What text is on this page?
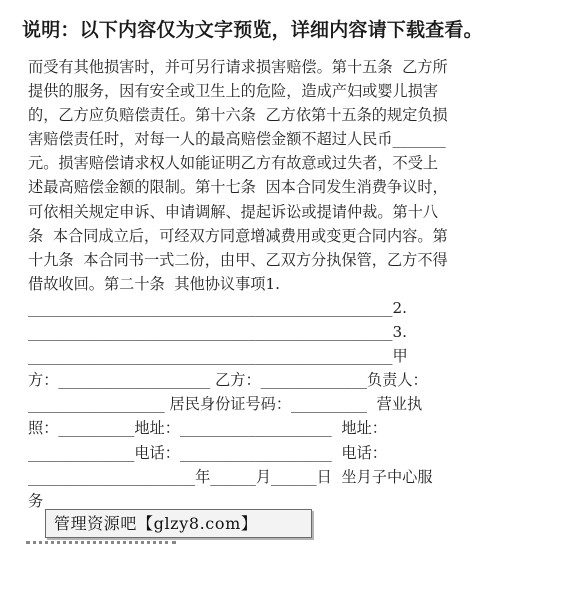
说明：以下内容仅为文字预览，详细内容请下载查看。
而受有其他损害时，并可另行请求损害赔偿。第十五条  乙方所
提供的服务，因有安全或卫生上的危险，造成产妇或婴儿损害
的，乙方应负赔偿责任。第十六条  乙方依第十五条的规定负损
害赔偿责任时，对每一人的最高赔偿金额不超过人民币_______
元。损害赔偿请求权人如能证明乙方有故意或过失者，不受上
述最高赔偿金额的限制。第十七条  因本合同发生消费争议时，
可依相关规定申诉、申请调解、提起诉讼或提请仲裁。第十八
条  本合同成立后，可经双方同意增减费用或变更合同内容。第
十九条  本合同书一式二份，由甲、乙双方分执保管，乙方不得
借故收回。第二十条  其他协议事项1.
________________________________________________2.
________________________________________________3.
________________________________________________甲
方：____________________ 乙方：______________负责人：
__________________ 居民身份证号码：__________  营业执
照：__________地址：____________________  地址：
______________电话：____________________  电话：
______________________年______月______日  坐月子中心服
务
管理资源吧【glzy8.com】
